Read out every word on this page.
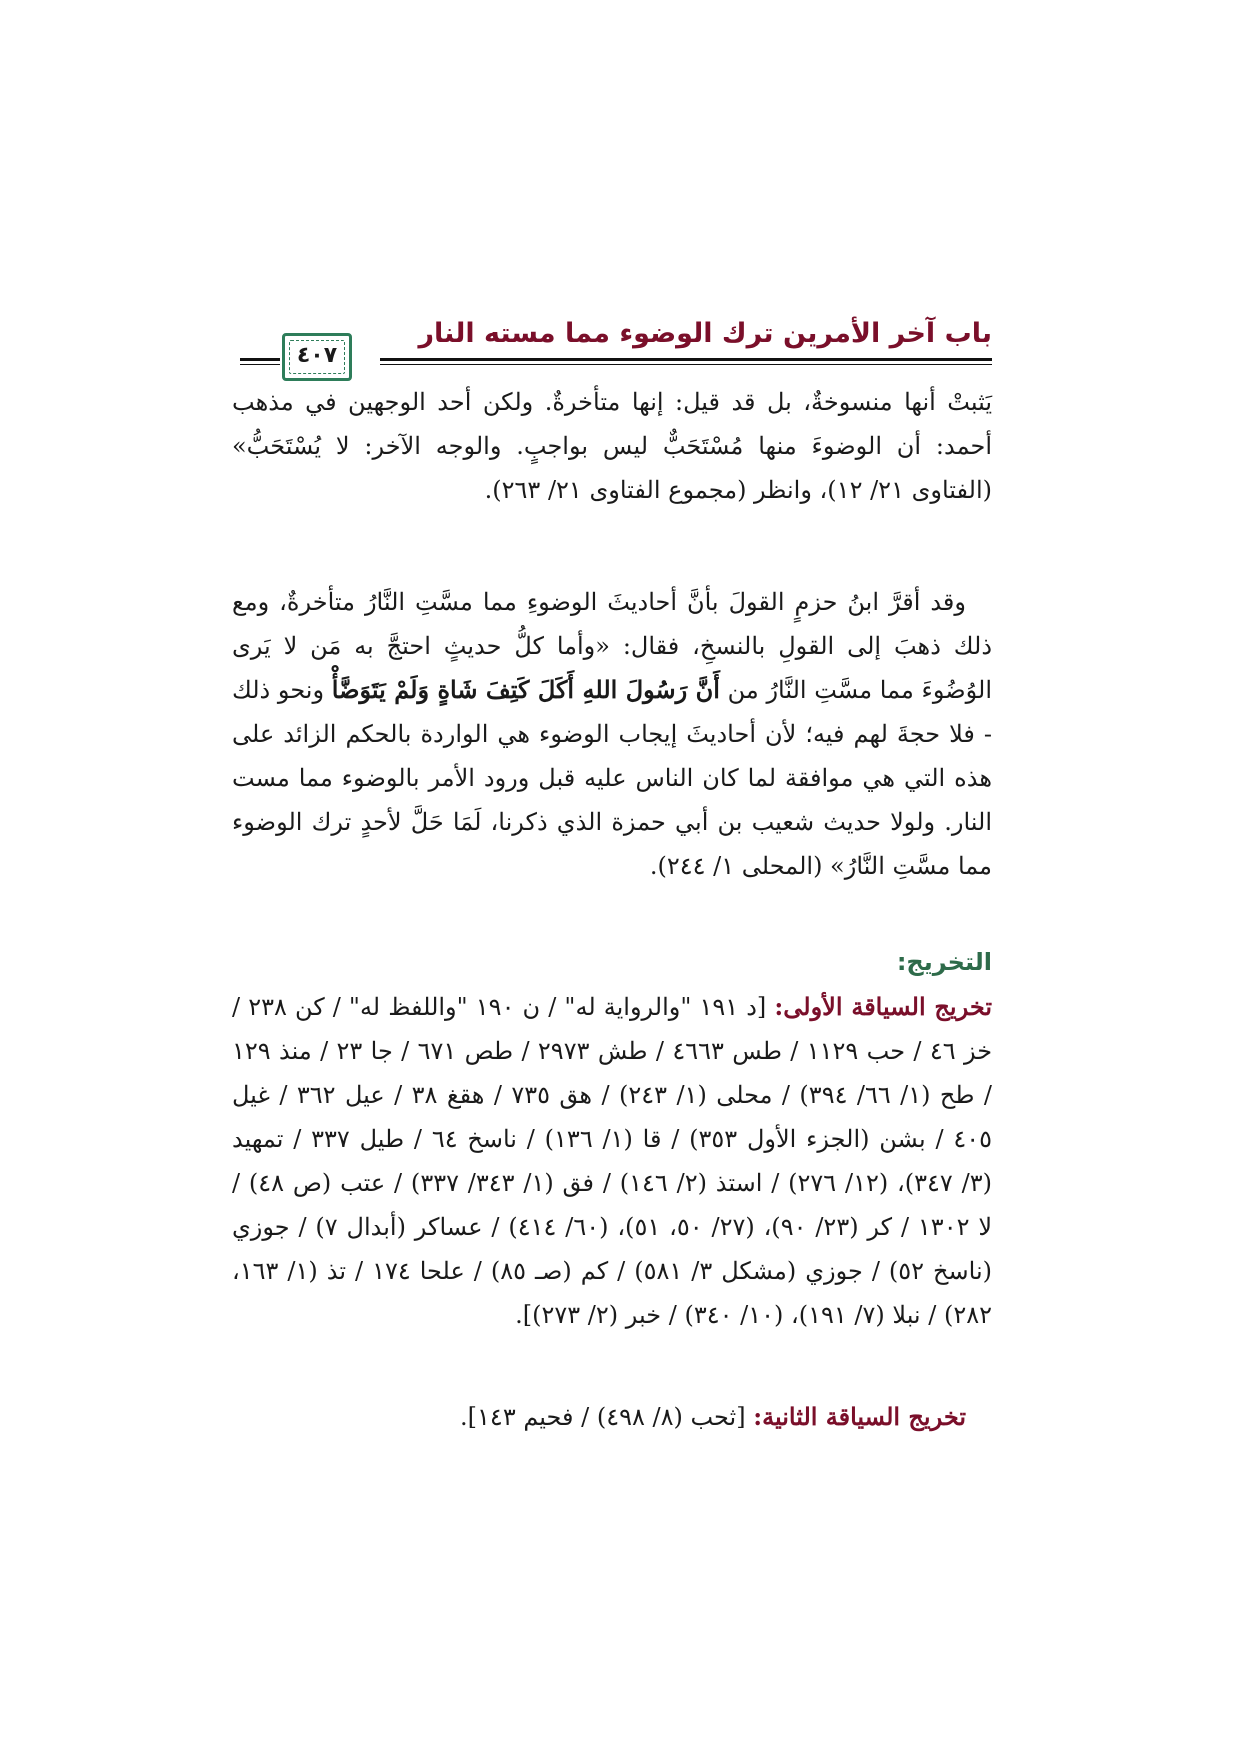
باب آخر الأمرين ترك الوضوء مما مسته النار
٤٠٧
يَثبتْ أنها منسوخةٌ، بل قد قيل: إنها متأخرةٌ. ولكن أحد الوجهين في مذهب أحمد: أن الوضوءَ منها مُسْتَحَبٌّ ليس بواجبٍ. والوجه الآخر: لا يُسْتَحَبُّ» (الفتاوى ٢١/ ١٢)، وانظر (مجموع الفتاوى ٢١/ ٢٦٣).
وقد أقرَّ ابنُ حزمٍ القولَ بأنَّ أحاديثَ الوضوءِ مما مسَّتِ النَّارُ متأخرةٌ، ومع ذلك ذهبَ إلى القولِ بالنسخِ، فقال: «وأما كلُّ حديثٍ احتجَّ به مَن لا يَرى الوُضُوءَ مما مسَّتِ النَّارُ من أَنَّ رَسُولَ اللهِ أَكَلَ كَتِفَ شَاةٍ وَلَمْ يَتَوَضَّأْ ونحو ذلك - فلا حجةَ لهم فيه؛ لأن أحاديثَ إيجاب الوضوء هي الواردة بالحكم الزائد على هذه التي هي موافقة لما كان الناس عليه قبل ورود الأمر بالوضوء مما مست النار. ولولا حديث شعيب بن أبي حمزة الذي ذكرنا، لَمَا حَلَّ لأحدٍ ترك الوضوء مما مسَّتِ النَّارُ» (المحلى ١/ ٢٤٤).
التخريج:
تخريج السياقة الأولى: [د ١٩١ "والرواية له" / ن ١٩٠ "واللفظ له" / كن ٢٣٨ / خز ٤٦ / حب ١١٢٩ / طس ٤٦٦٣ / طش ٢٩٧٣ / طص ٦٧١ / جا ٢٣ / منذ ١٢٩ / طح (١/ ٦٦/ ٣٩٤) / محلى (١/ ٢٤٣) / هق ٧٣٥ / هقغ ٣٨ / عيل ٣٦٢ / غيل ٤٠٥ / بشن (الجزء الأول ٣٥٣) / قا (١/ ١٣٦) / ناسخ ٦٤ / طيل ٣٣٧ / تمهيد (٣/ ٣٤٧)، (١٢/ ٢٧٦) / استذ (٢/ ١٤٦) / فق (١/ ٣٤٣/ ٣٣٧) / عتب (ص ٤٨) / لا ١٣٠٢ / كر (٢٣/ ٩٠)، (٢٧/ ٥٠، ٥١)، (٦٠/ ٤١٤) / عساكر (أبدال ٧) / جوزي (ناسخ ٥٢) / جوزي (مشكل ٣/ ٥٨١) / كم (صـ ٨٥) / علحا ١٧٤ / تذ (١/ ١٦٣، ٢٨٢) / نبلا (٧/ ١٩١)، (١٠/ ٣٤٠) / خبر (٢/ ٢٧٣)].
تخريج السياقة الثانية: [ثحب (٨/ ٤٩٨) / فحيم ١٤٣].
